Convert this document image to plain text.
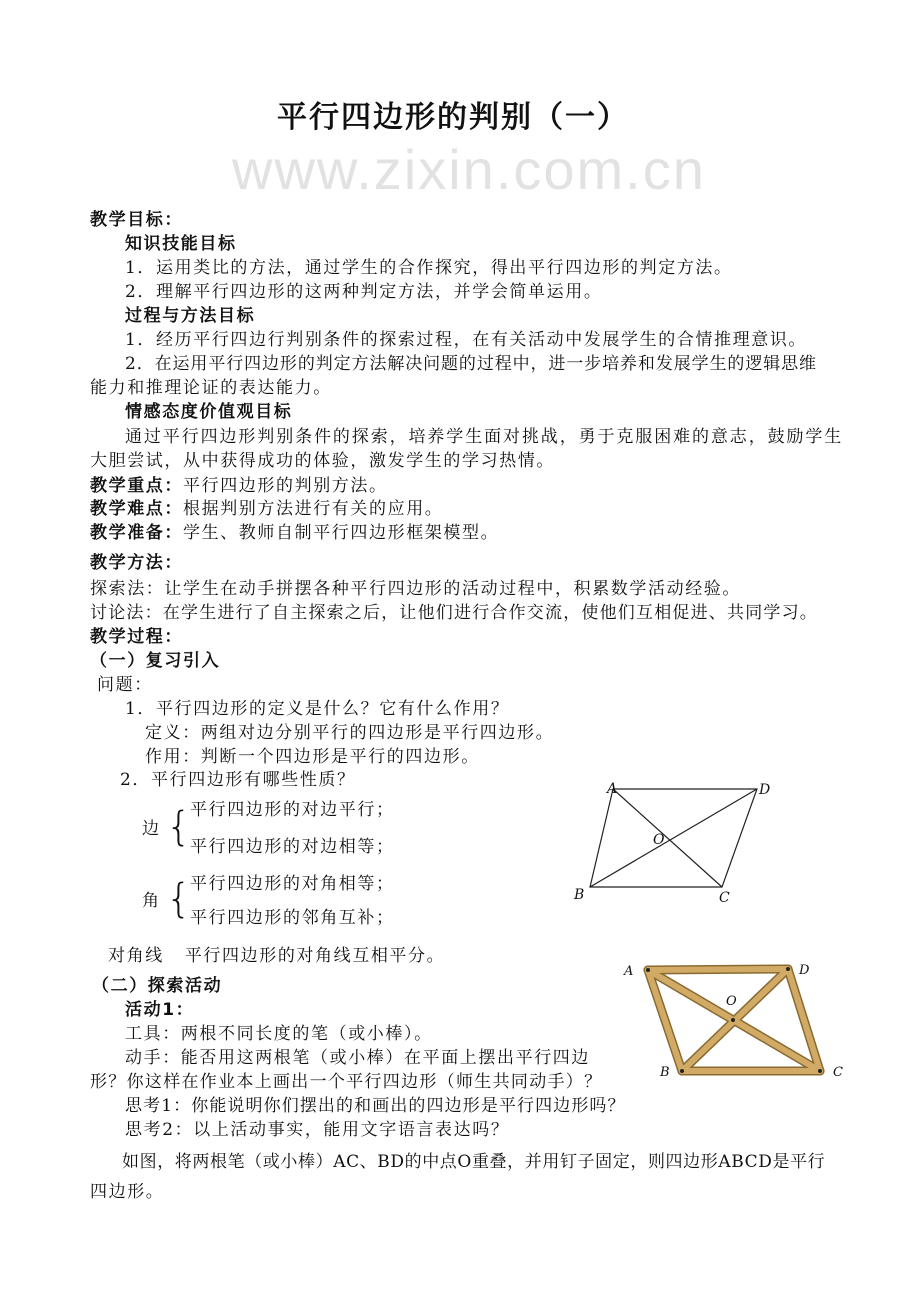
www.zixin.com.cn
平行四边形的判别（一）
教学目标：
知识技能目标
1．运用类比的方法，通过学生的合作探究，得出平行四边形的判定方法。
2．理解平行四边形的这两种判定方法，并学会简单运用。
过程与方法目标
1．经历平行四边行判别条件的探索过程，在有关活动中发展学生的合情推理意识。
2．在运用平行四边形的判定方法解决问题的过程中，进一步培养和发展学生的逻辑思维
能力和推理论证的表达能力。
情感态度价值观目标
通过平行四边形判别条件的探索，培养学生面对挑战，勇于克服困难的意志，鼓励学生
大胆尝试，从中获得成功的体验，激发学生的学习热情。
教学重点：平行四边形的判别方法。
教学难点：根据判别方法进行有关的应用。
教学准备：学生、教师自制平行四边形框架模型。
教学方法：
探索法：让学生在动手拼摆各种平行四边形的活动过程中，积累数学活动经验。
讨论法：在学生进行了自主探索之后，让他们进行合作交流，使他们互相促进、共同学习。
教学过程：
（一）复习引入
问题：
1．平行四边形的定义是什么？它有什么作用？
定义：两组对边分别平行的四边形是平行四边形。
作用：判断一个四边形是平行的四边形。
2．平行四边形有哪些性质？
边 {
平行四边形的对边平行；
平行四边形的对边相等；
角 {
平行四边形的对角相等；
平行四边形的邻角互补；
对角线 平行四边形的对角线互相平分。
（二）探索活动
活动1：
工具：两根不同长度的笔（或小棒）。
动手：能否用这两根笔（或小棒）在平面上摆出平行四边
形？你这样在作业本上画出一个平行四边形（师生共同动手）？
思考1：你能说明你们摆出的和画出的四边形是平行四边形吗？
思考2：以上活动事实，能用文字语言表达吗？
如图，将两根笔（或小棒）AC、BD的中点O重叠，并用钉子固定，则四边形ABCD是平行
四边形。
A	D
B	C
O
A	D
B	C
O
